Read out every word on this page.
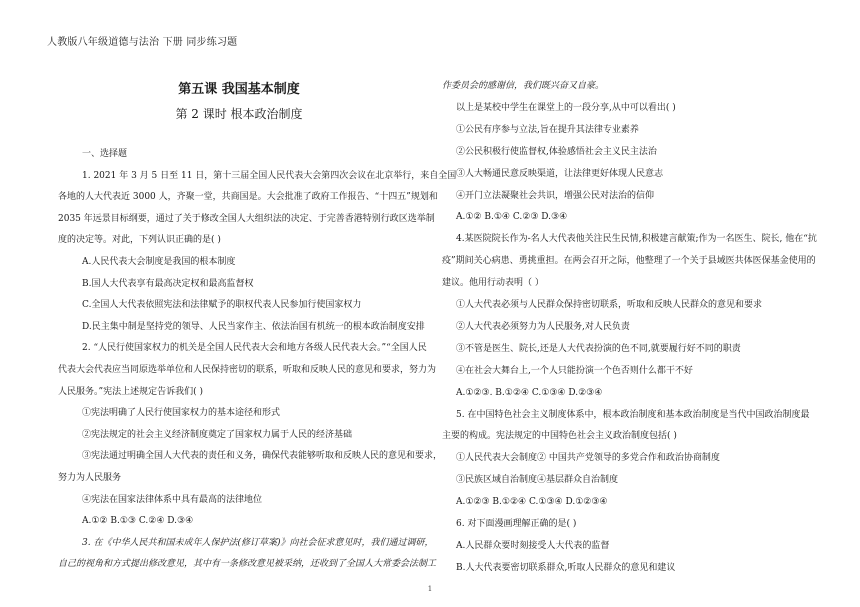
人教版八年级道德与法治 下册 同步练习题
第五课 我国基本制度
第 2 课时 根本政治制度
一、选择题
1. 2021 年 3 月 5 日至 11 日，第十三届全国人民代表大会第四次会议在北京举行，来自全国
各地的人大代表近 3000 人，齐聚一堂，共商国是。大会批准了政府工作报告、“十四五”规划和
2035 年远景目标纲要，通过了关于修改全国人大组织法的决定、于完善香港特别行政区选举制
度的决定等。对此，下列认识正确的是( )
A.人民代表大会制度是我国的根本制度
B.国人大代表享有最高决定权和最高监督权
C.全国人大代表依照宪法和法律赋予的职权代表人民参加行使国家权力
D.民主集中制是坚持党的领导、人民当家作主、依法治国有机统一的根本政治制度安排
2. “人民行使国家权力的机关是全国人民代表大会和地方各级人民代表大会。”“全国人民
代表大会代表应当同原选举单位和人民保持密切的联系，听取和反映人民的意见和要求，努力为
人民服务。”宪法上述规定告诉我们( )
①宪法明确了人民行使国家权力的基本途径和形式
②宪法规定的社会主义经济制度奠定了国家权力属于人民的经济基础
③宪法通过明确全国人大代表的责任和义务，确保代表能够听取和反映人民的意见和要求，
努力为人民服务
④宪法在国家法律体系中具有最高的法律地位
A.①② B.①③ C.②④ D.③④
3. 在《中华人民共和国未成年人保护法(修订草案)》向社会征求意见时，我们通过调研，
自己的视角和方式提出修改意见，其中有一条修改意见被采纳，还收到了全国人大常委会法制工
作委员会的感谢信，我们既兴奋又自豪。
以上是某校中学生在课堂上的一段分享,从中可以看出( )
①公民有序参与立法,旨在提升其法律专业素养
②公民积极行使监督权,体验感悟社会主义民主法治
③人大畅通民意反映渠道，让法律更好体现人民意志
④开门立法凝聚社会共识，增强公民对法治的信仰
A.①② B.①④ C.②③ D.③④
4.某医院院长作为-名人大代表他关注民生民情,积极建言献策;作为一名医生、院长, 他在“抗
疫”期间关心病患、勇挑重担。在两会召开之际，他整理了一个关于县域医共体医保基金使用的
建议。他用行动表明（ ）
①人大代表必须与人民群众保持密切联系，听取和反映人民群众的意见和要求
②人大代表必须努力为人民服务,对人民负责
③不管是医生、院长,还是人大代表扮演的色不同,就要履行好不同的职责
④在社会大舞台上,一个人只能扮演一个色否则什么都干不好
A.①②③. B.①②④ C.①③④ D.②③④
5. 在中国特色社会主义制度体系中，根本政治制度和基本政治制度是当代中国政治制度最
主要的构成。宪法规定的中国特色社会主义政治制度包括( )
①人民代表大会制度② 中国共产党领导的多党合作和政治协商制度
③民族区域自治制度④基层群众自治制度
A.①②③ B.①②④ C.①③④ D.①②③④
6. 对下面漫画理解正确的是( )
A.人民群众要时刻接受人大代表的监督
B.人大代表要密切联系群众,听取人民群众的意见和建议
1
